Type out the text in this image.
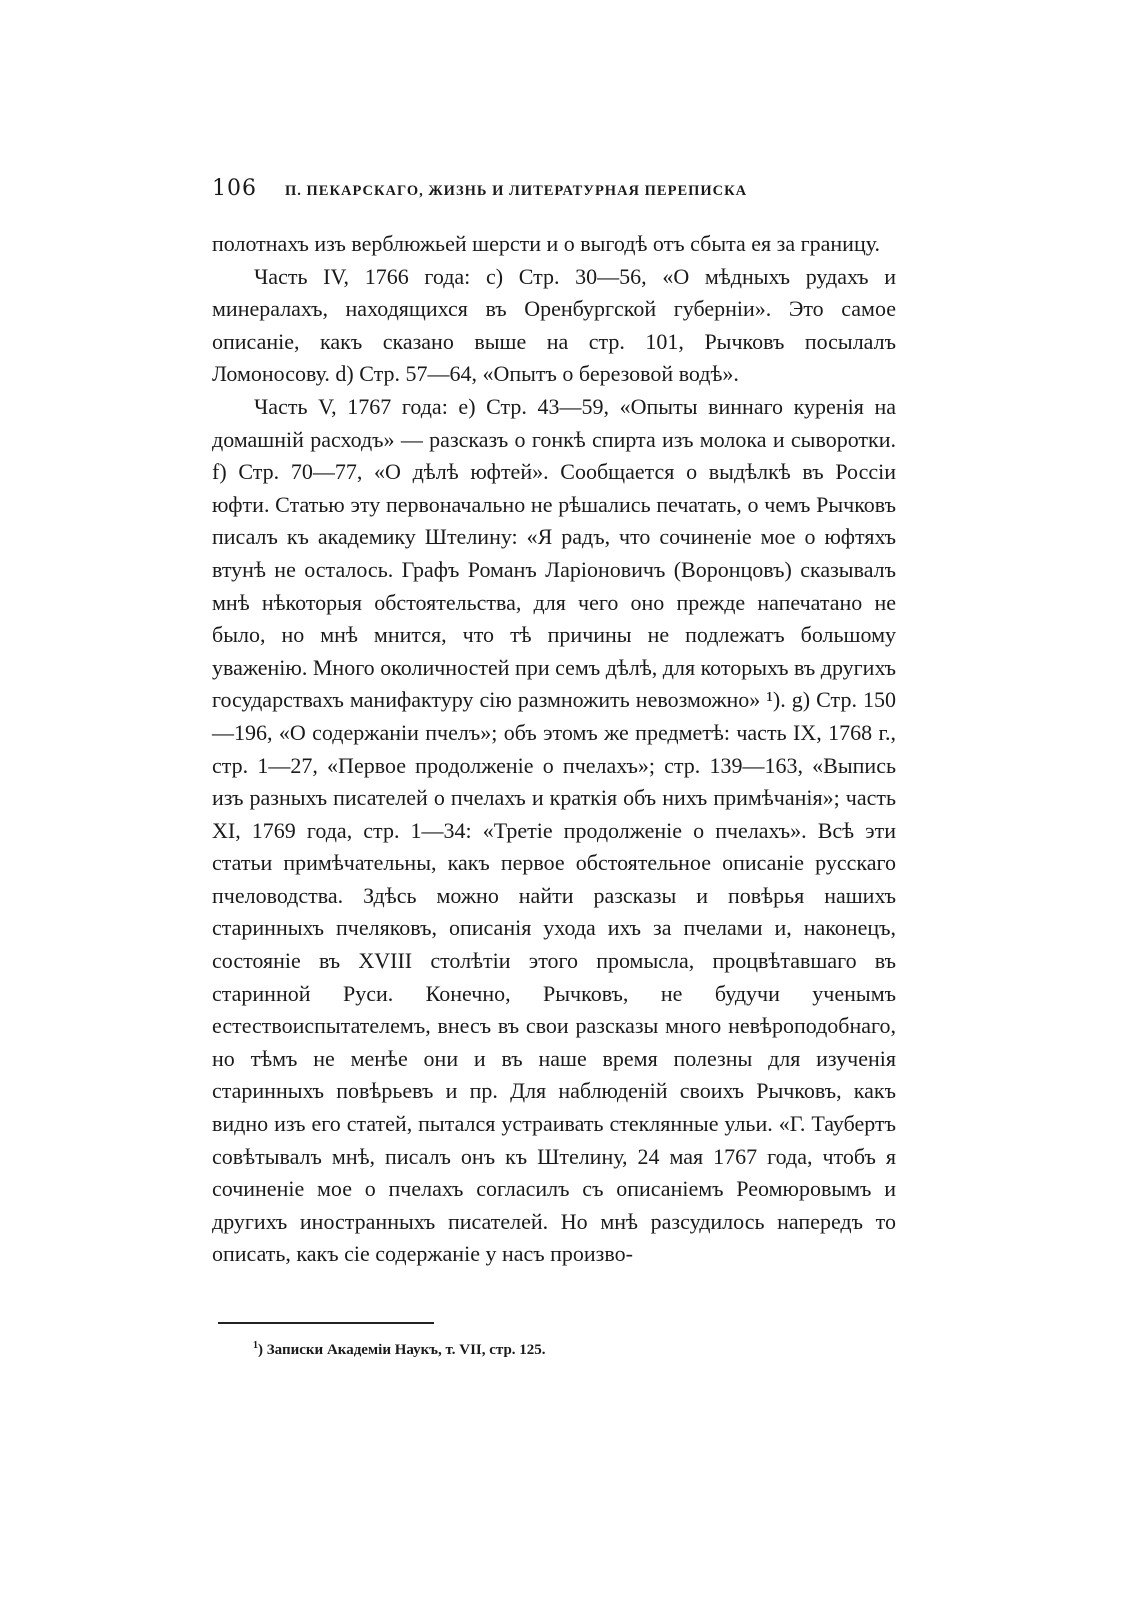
106 П. ПЕКАРСКАГО, ЖИЗНЬ И ЛИТЕРАТУРНАЯ ПЕРЕПИСКА

полотнахъ изъ верблюжьей шерсти и о выгодѣ отъ сбыта ея за границу.

Часть IV, 1766 года: с) Стр. 30—56, «О мѣдныхъ рудахъ и минералахъ, находящихся въ Оренбургской губерніи». Это самое описаніе, какъ сказано выше на стр. 101, Рычковъ посылалъ Ломоносову. d) Стр. 57—64, «Опытъ о березовой водѣ».

Часть V, 1767 года: е) Стр. 43—59, «Опыты виннаго куренія на домашній расходъ» — разсказъ о гонкѣ спирта изъ молока и сыворотки. f) Стр. 70—77, «О дѣлѣ юфтей». Сообщается о выдѣлкѣ въ Россіи юфти. Статью эту первоначально не рѣшались печатать, о чемъ Рычковъ писалъ къ академику Штелину: «Я радъ, что сочиненіе мое о юфтяхъ втунѣ не осталось. Графъ Романъ Ларіоновичъ (Воронцовъ) сказывалъ мнѣ нѣкоторыя обстоятельства, для чего оно прежде напечатано не было, но мнѣ мнится, что тѣ причины не подлежатъ большому уваженію. Много околичностей при семъ дѣлѣ, для которыхъ въ другихъ государствахъ манифактуру сію размножить невозможно» ¹). g) Стр. 150—196, «О содержаніи пчелъ»; объ этомъ же предметѣ: часть IX, 1768 г., стр. 1—27, «Первое продолженіе о пчелахъ»; стр. 139—163, «Выпись изъ разныхъ писателей о пчелахъ и краткія объ нихъ примѣчанія»; часть XI, 1769 года, стр. 1—34: «Третіе продолженіе о пчелахъ». Всѣ эти статьи примѣчательны, какъ первое обстоятельное описаніе русскаго пчеловодства. Здѣсь можно найти разсказы и повѣрья нашихъ старинныхъ пчеляковъ, описанія ухода ихъ за пчелами и, наконецъ, состояніе въ XVIII столѣтіи этого промысла, процвѣтавшаго въ старинной Руси. Конечно, Рычковъ, не будучи ученымъ естествоиспытателемъ, внесъ въ свои разсказы много невѣроподобнаго, но тѣмъ не менѣе они и въ наше время полезны для изученія старинныхъ повѣрьевъ и пр. Для наблюденій своихъ Рычковъ, какъ видно изъ его статей, пытался устраивать стеклянные ульи. «Г. Таубертъ совѣтывалъ мнѣ, писалъ онъ къ Штелину, 24 мая 1767 года, чтобъ я сочиненіе мое о пчелахъ согласилъ съ описаніемъ Реомюровымъ и другихъ иностранныхъ писателей. Но мнѣ разсудилось напередъ то описать, какъ сіе содержаніе у насъ произво-

$^1$) Записки Академіи Наукъ, т. VII, стр. 125.
